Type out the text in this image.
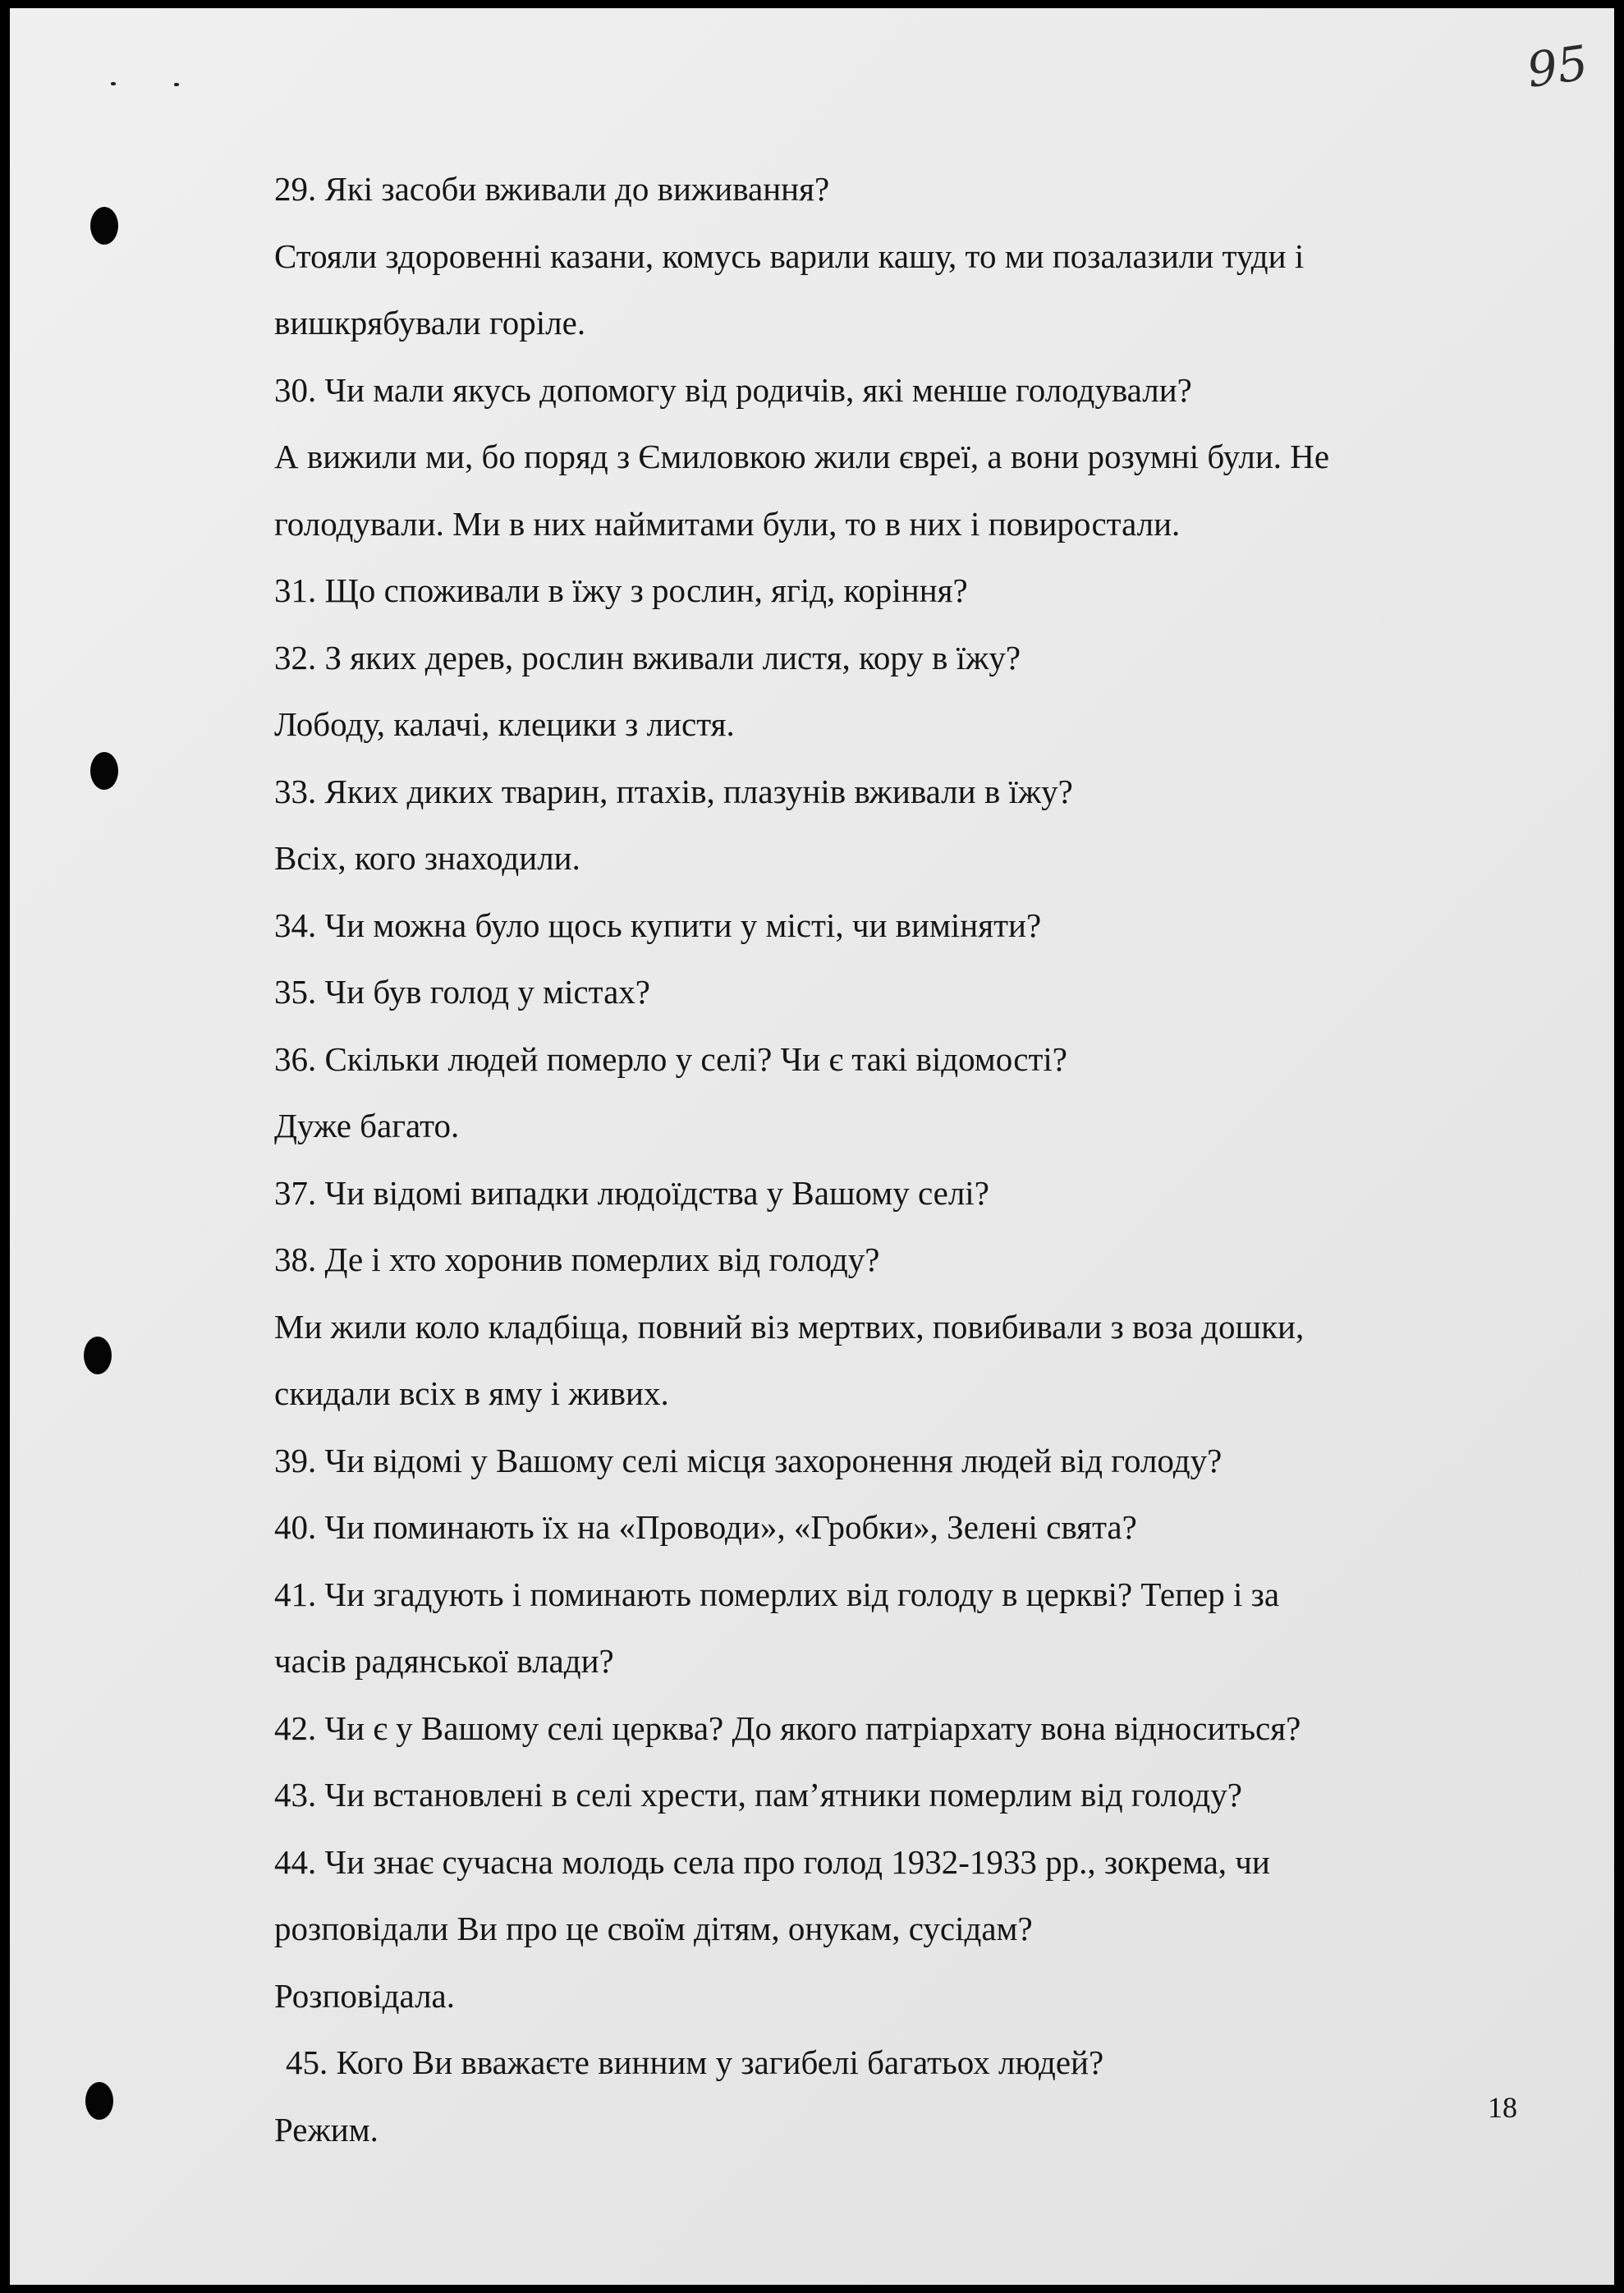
95
29. Які засоби вживали до виживання?
Стояли здоровенні казани, комусь варили кашу, то ми позалазили туди і
вишкрябували горіле.
30. Чи мали якусь допомогу від родичів, які менше голодували?
А вижили ми, бо поряд з Ємиловкою жили євреї, а вони розумні були. Не
голодували. Ми в них наймитами були, то в них і повиростали.
31. Що споживали в їжу з рослин, ягід, коріння?
32. З яких дерев, рослин вживали листя, кору в їжу?
Лободу, калачі, клецики з листя.
33. Яких диких тварин, птахів, плазунів вживали в їжу?
Всіх, кого знаходили.
34. Чи можна було щось купити у місті, чи виміняти?
35. Чи був голод у містах?
36. Скільки людей померло у селі? Чи є такі відомості?
Дуже багато.
37. Чи відомі випадки людоїдства у Вашому селі?
38. Де і хто хоронив померлих від голоду?
Ми жили коло кладбіща, повний віз мертвих, повибивали з воза дошки,
скидали всіх в яму і живих.
39. Чи відомі у Вашому селі місця захоронення людей від голоду?
40. Чи поминають їх на «Проводи», «Гробки», Зелені свята?
41. Чи згадують і поминають померлих від голоду в церкві? Тепер і за
часів радянської влади?
42. Чи є у Вашому селі церква? До якого патріархату вона відноситься?
43. Чи встановлені в селі хрести, пам’ятники померлим від голоду?
44. Чи знає сучасна молодь села про голод 1932-1933 рр., зокрема, чи
розповідали Ви про це своїм дітям, онукам, сусідам?
Розповідала.
45. Кого Ви вважаєте винним у загибелі багатьох людей?
Режим.
18
